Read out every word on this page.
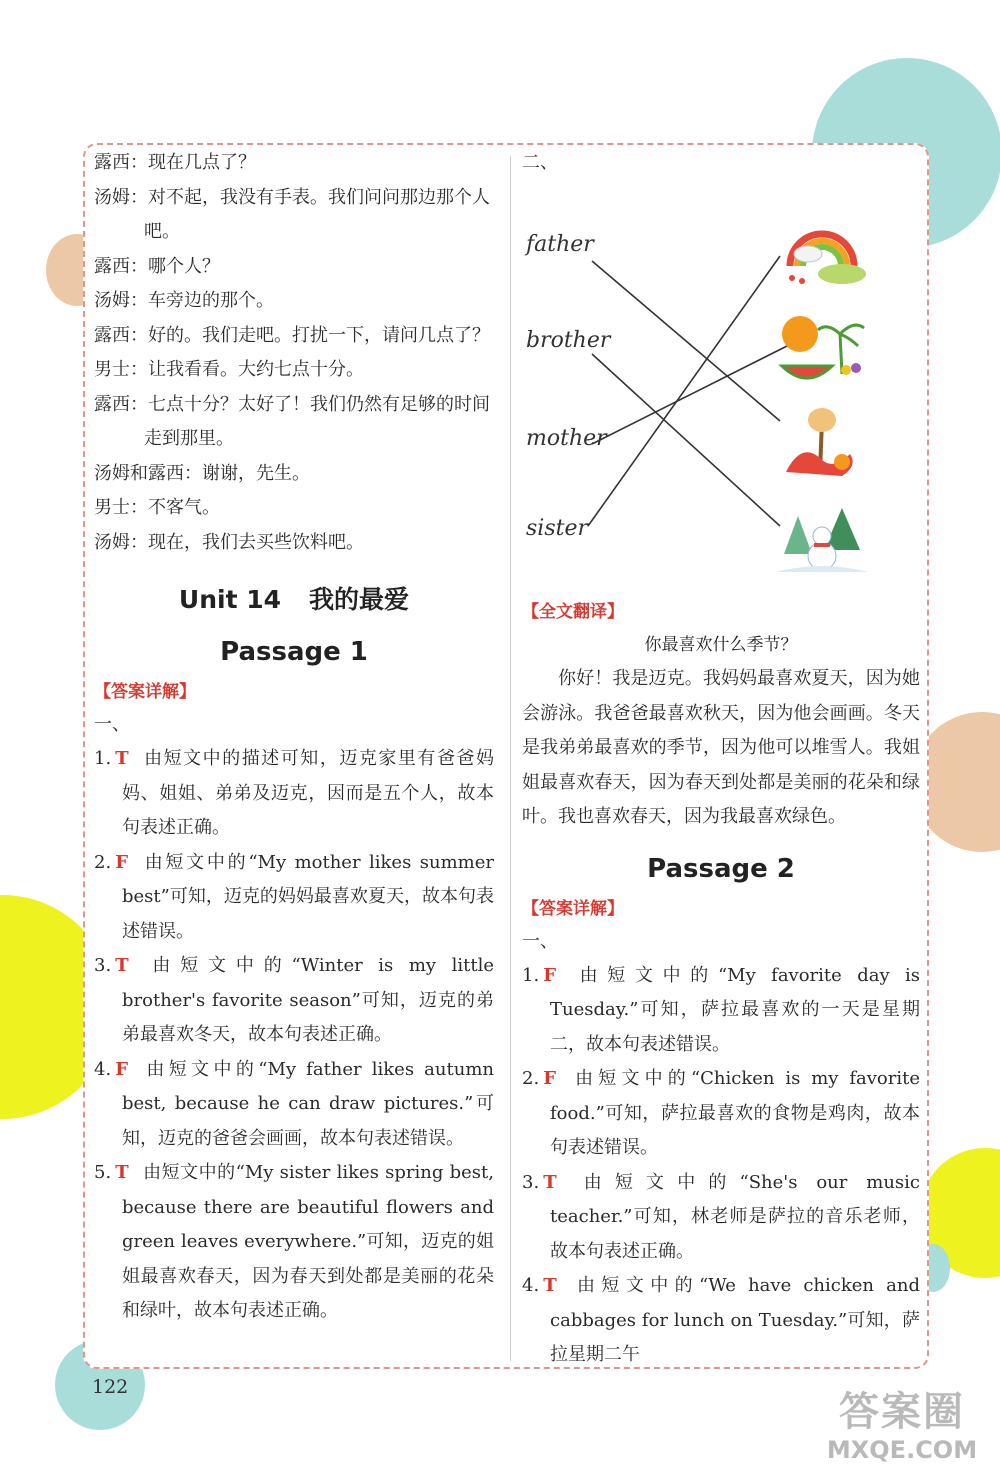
露西：现在几点了？
汤姆：对不起，我没有手表。我们问问那边那个人吧。
露西：哪个人？
汤姆：车旁边的那个。
露西：好的。我们走吧。打扰一下，请问几点了？
男士：让我看看。大约七点十分。
露西：七点十分？太好了！我们仍然有足够的时间走到那里。
汤姆和露西：谢谢，先生。
男士：不客气。
汤姆：现在，我们去买些饮料吧。
Unit 14 我的最爱
Passage 1
【答案详解】
一、
1. T 由短文中的描述可知，迈克家里有爸爸妈妈、姐姐、弟弟及迈克，因而是五个人，故本句表述正确。
2. F 由短文中的“My mother likes summer best”可知，迈克的妈妈最喜欢夏天，故本句表述错误。
3. T 由短文中的“Winter is my little brother's favorite season”可知，迈克的弟弟最喜欢冬天，故本句表述正确。
4. F 由短文中的“My father likes autumn best, because he can draw pictures.”可知，迈克的爸爸会画画，故本句表述错误。
5. T 由短文中的“My sister likes spring best, because there are beautiful flowers and green leaves everywhere.”可知，迈克的姐姐最喜欢春天，因为春天到处都是美丽的花朵和绿叶，故本句表述正确。
二、
father
brother
mother
sister
【全文翻译】
你最喜欢什么季节？
你好！我是迈克。我妈妈最喜欢夏天，因为她会游泳。我爸爸最喜欢秋天，因为他会画画。冬天是我弟弟最喜欢的季节，因为他可以堆雪人。我姐姐最喜欢春天，因为春天到处都是美丽的花朵和绿叶。我也喜欢春天，因为我最喜欢绿色。
Passage 2
【答案详解】
一、
1. F 由短文中的“My favorite day is Tuesday.”可知，萨拉最喜欢的一天是星期二，故本句表述错误。
2. F 由短文中的“Chicken is my favorite food.”可知，萨拉最喜欢的食物是鸡肉，故本句表述错误。
3. T 由短文中的“She's our music teacher.”可知，林老师是萨拉的音乐老师，故本句表述正确。
4. T 由短文中的“We have chicken and cabbages for lunch on Tuesday.”可知，萨拉星期二午
122
答案圈
MXQE.COM
